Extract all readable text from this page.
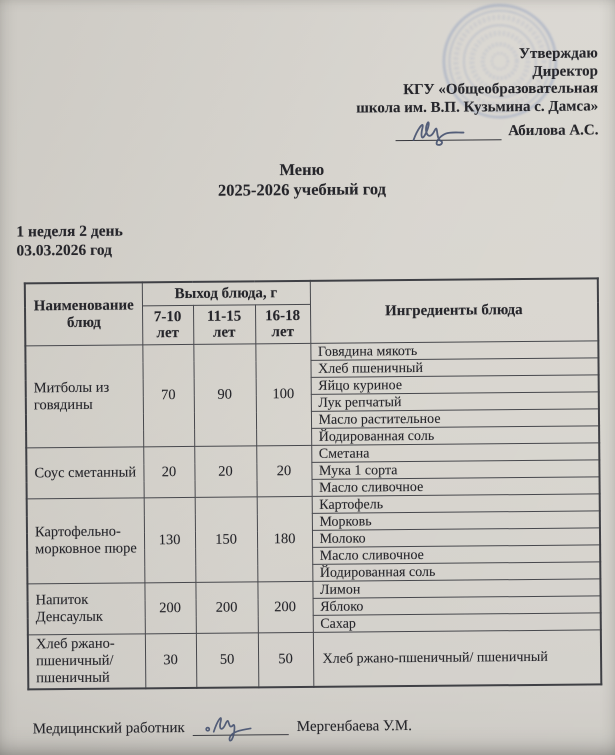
Утверждаю
Директор
КГУ «Общеобразовательная
школа им. В.П. Кузьмина с. Дамса»
Абилова А.С.
Меню
2025-2026 учебный год
1 неделя 2 день
03.03.2026 год
Наименование блюд	Выход блюда, г			Ингредиенты блюда
	7-10 лет	11-15 лет	16-18 лет	
Митболы из говядины	70	90	100	Говядина мякоть
				Хлеб пшеничный
				Яйцо куриное
				Лук репчатый
				Масло растительное
				Йодированная соль
Соус сметанный	20	20	20	Сметана
				Мука 1 сорта
				Масло сливочное
Картофельно-морковное пюре	130	150	180	Картофель
				Морковь
				Молоко
				Масло сливочное
				Йодированная соль
Напиток Денсаулык	200	200	200	Лимон
				Яблоко
				Сахар
Хлеб ржано-пшеничный/ пшеничный	30	50	50	Хлеб ржано-пшеничный/ пшеничный
Медицинский работник	Мергенбаева У.М.
